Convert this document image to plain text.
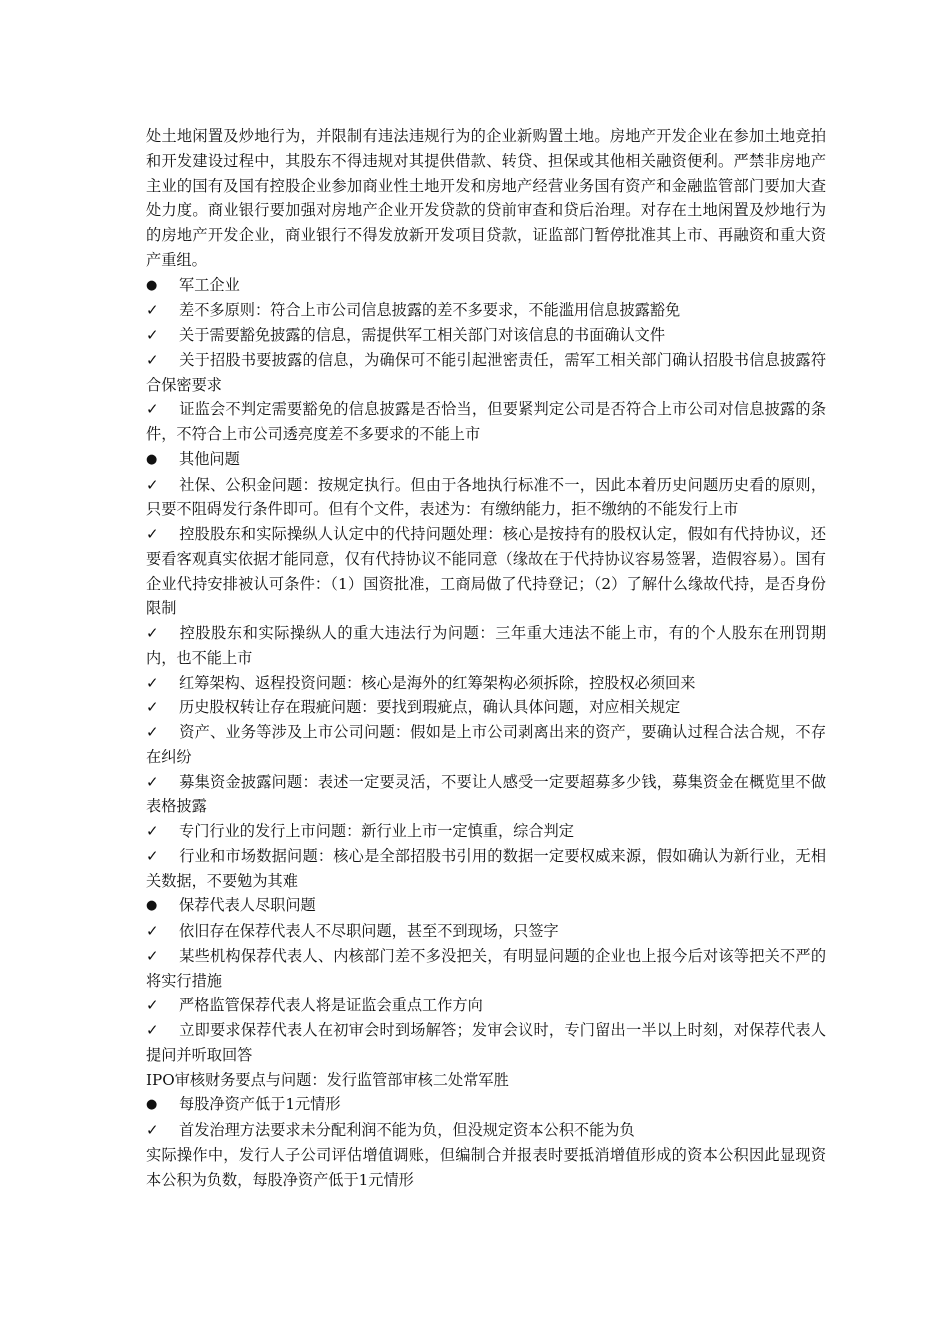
处土地闲置及炒地行为，并限制有违法违规行为的企业新购置土地。房地产开发企业在参加土地竞拍和开发建设过程中，其股东不得违规对其提供借款、转贷、担保或其他相关融资便利。严禁非房地产主业的国有及国有控股企业参加商业性土地开发和房地产经营业务国有资产和金融监管部门要加大查处力度。商业银行要加强对房地产企业开发贷款的贷前审查和贷后治理。对存在土地闲置及炒地行为的房地产开发企业，商业银行不得发放新开发项目贷款，证监部门暂停批准其上市、再融资和重大资产重组。

● 军工企业
✓ 差不多原则：符合上市公司信息披露的差不多要求，不能滥用信息披露豁免
✓ 关于需要豁免披露的信息，需提供军工相关部门对该信息的书面确认文件
✓ 关于招股书要披露的信息，为确保可不能引起泄密责任，需军工相关部门确认招股书信息披露符合保密要求
✓ 证监会不判定需要豁免的信息披露是否恰当，但要紧判定公司是否符合上市公司对信息披露的条件，不符合上市公司透亮度差不多要求的不能上市
● 其他问题
✓ 社保、公积金问题：按规定执行。但由于各地执行标准不一，因此本着历史问题历史看的原则，只要不阻碍发行条件即可。但有个文件，表述为：有缴纳能力，拒不缴纳的不能发行上市
✓ 控股股东和实际操纵人认定中的代持问题处理：核心是按持有的股权认定，假如有代持协议，还要看客观真实依据才能同意，仅有代持协议不能同意（缘故在于代持协议容易签署，造假容易）。国有企业代持安排被认可条件：（1）国资批准，工商局做了代持登记；（2）了解什么缘故代持，是否身份限制
✓ 控股股东和实际操纵人的重大违法行为问题：三年重大违法不能上市，有的个人股东在刑罚期内，也不能上市
✓ 红筹架构、返程投资问题：核心是海外的红筹架构必须拆除，控股权必须回来
✓ 历史股权转让存在瑕疵问题：要找到瑕疵点，确认具体问题，对应相关规定
✓ 资产、业务等涉及上市公司问题：假如是上市公司剥离出来的资产，要确认过程合法合规，不存在纠纷
✓ 募集资金披露问题：表述一定要灵活，不要让人感受一定要超募多少钱，募集资金在概览里不做表格披露
✓ 专门行业的发行上市问题：新行业上市一定慎重，综合判定
✓ 行业和市场数据问题：核心是全部招股书引用的数据一定要权威来源，假如确认为新行业，无相关数据，不要勉为其难
● 保荐代表人尽职问题
✓ 依旧存在保荐代表人不尽职问题，甚至不到现场，只签字
✓ 某些机构保荐代表人、内核部门差不多没把关，有明显问题的企业也上报今后对该等把关不严的将实行措施
✓ 严格监管保荐代表人将是证监会重点工作方向
✓ 立即要求保荐代表人在初审会时到场解答；发审会议时，专门留出一半以上时刻，对保荐代表人提问并听取回答

IPO审核财务要点与问题：发行监管部审核二处常军胜

● 每股净资产低于1元情形
✓ 首发治理方法要求未分配利润不能为负，但没规定资本公积不能为负

实际操作中，发行人子公司评估增值调账，但编制合并报表时要抵消增值形成的资本公积因此显现资本公积为负数，每股净资产低于1元情形
